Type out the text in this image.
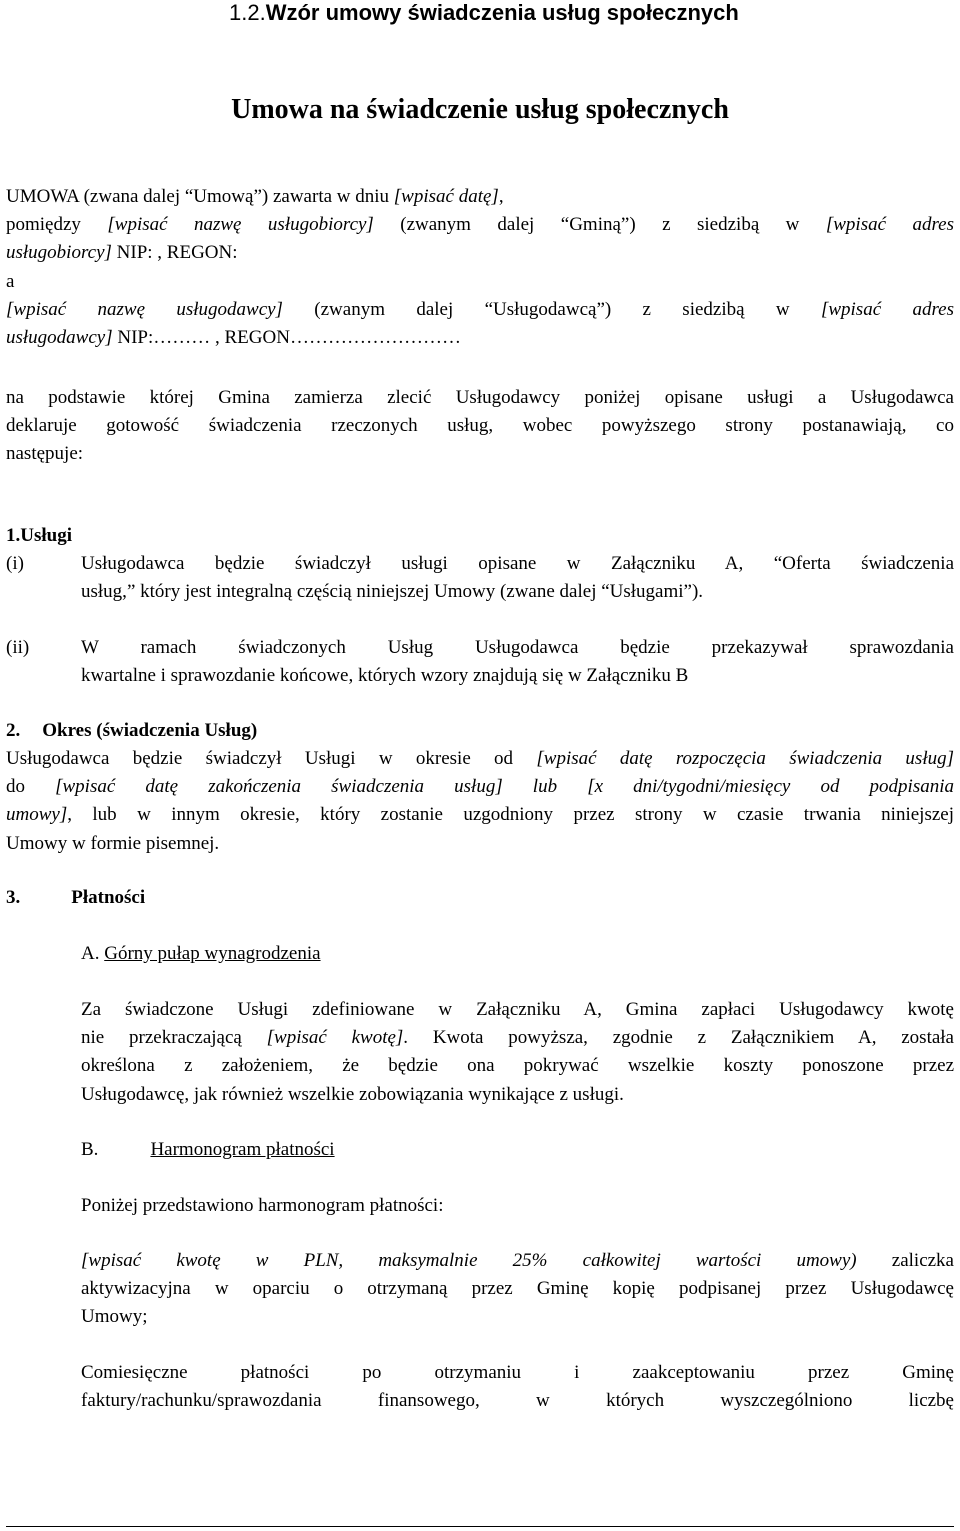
1.2.Wzór umowy świadczenia usług społecznych
Umowa na świadczenie usług społecznych
UMOWA (zwana dalej “Umową”) zawarta w dniu [wpisać datę],
pomiędzy [wpisać nazwę usługobiorcy] (zwanym dalej “Gminą”) z siedzibą w [wpisać adres
usługobiorcy] NIP: , REGON:
a
[wpisać nazwę usługodawcy] (zwanym dalej “Usługodawcą”) z siedzibą w [wpisać adres
usługodawcy] NIP:……… , REGON………………………
na podstawie której Gmina zamierza zlecić Usługodawcy poniżej opisane usługi a Usługodawca
deklaruje gotowość świadczenia rzeczonych usług, wobec powyższego strony postanawiają, co
następuje:
1.Usługi
(i)	Usługodawca będzie świadczył usługi opisane w Załączniku A, “Oferta świadczenia
usług,” który jest integralną częścią niniejszej Umowy (zwane dalej “Usługami”).
(ii)	W ramach świadczonych Usług Usługodawca będzie przekazywał sprawozdania
kwartalne i sprawozdanie końcowe, których wzory znajdują się w Załączniku B
2. Okres (świadczenia Usług)
Usługodawca będzie świadczył Usługi w okresie od [wpisać datę rozpoczęcia świadczenia usług]
do [wpisać datę zakończenia świadczenia usług] lub [x dni/tygodni/miesięcy od podpisania
umowy], lub w innym okresie, który zostanie uzgodniony przez strony w czasie trwania niniejszej
Umowy w formie pisemnej.
3.	Płatności
A. Górny pułap wynagrodzenia
Za świadczone Usługi zdefiniowane w Załączniku A, Gmina zapłaci Usługodawcy kwotę
nie przekraczającą [wpisać kwotę]. Kwota powyższa, zgodnie z Załącznikiem A, została
określona z założeniem, że będzie ona pokrywać wszelkie koszty ponoszone przez
Usługodawcę, jak również wszelkie zobowiązania wynikające z usługi.
B.	Harmonogram płatności
Poniżej przedstawiono harmonogram płatności:
[wpisać kwotę w PLN, maksymalnie 25% całkowitej wartości umowy) zaliczka
aktywizacyjna w oparciu o otrzymaną przez Gminę kopię podpisanej przez Usługodawcę
Umowy;
Comiesięczne płatności po otrzymaniu i zaakceptowaniu przez Gminę
faktury/rachunku/sprawozdania finansowego, w których wyszczególniono liczbę
